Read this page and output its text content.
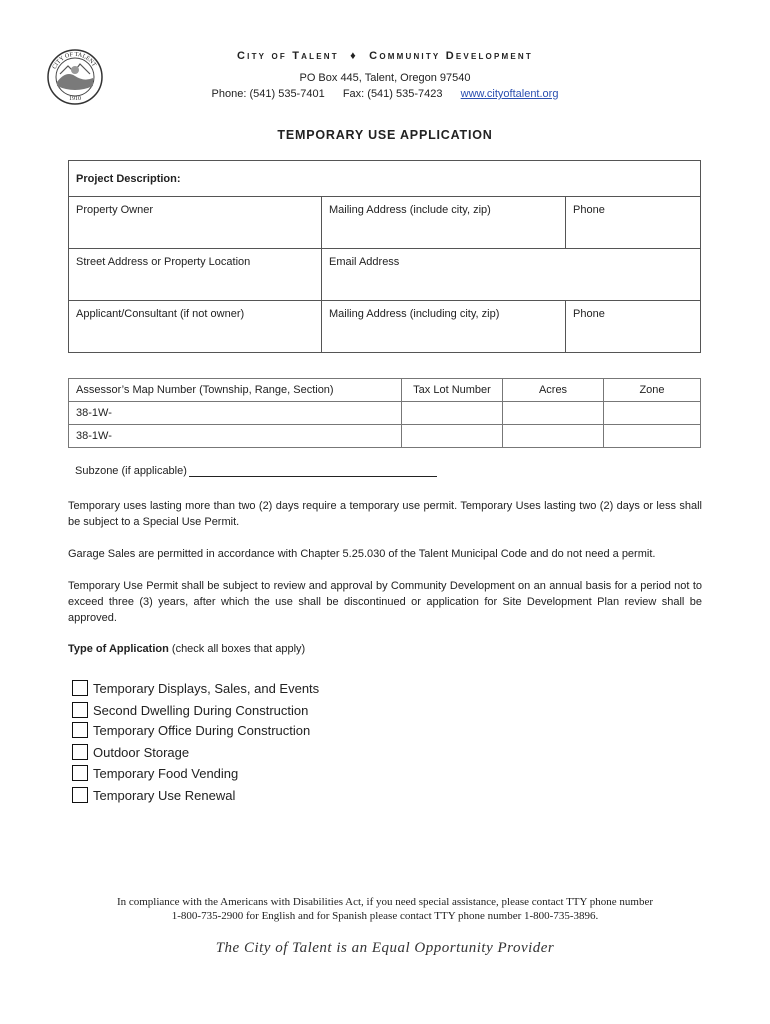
CITY OF TALENT
1910
City of Talent ♦ Community Development
PO Box 445, Talent, Oregon 97540
Phone: (541) 535-7401 Fax: (541) 535-7423 www.cityoftalent.org
TEMPORARY USE APPLICATION
Project Description:		
Property Owner	Mailing Address (include city, zip)	Phone
Street Address or Property Location	Email Address	
Applicant/Consultant (if not owner)	Mailing Address (including city, zip)	Phone
Assessor’s Map Number (Township, Range, Section)	Tax Lot Number	Acres	Zone
38-1W-			
38-1W-			
Subzone (if applicable)
Temporary uses lasting more than two (2) days require a temporary use permit. Temporary Uses lasting two (2) days or less shall be subject to a Special Use Permit.
Garage Sales are permitted in accordance with Chapter 5.25.030 of the Talent Municipal Code and do not need a permit.
Temporary Use Permit shall be subject to review and approval by Community Development on an annual basis for a period not to exceed three (3) years, after which the use shall be discontinued or application for Site Development Plan review shall be approved.
Type of Application (check all boxes that apply)
Temporary Displays, Sales, and Events
Second Dwelling During Construction
Temporary Office During Construction
Outdoor Storage
Temporary Food Vending
Temporary Use Renewal
In compliance with the Americans with Disabilities Act, if you need special assistance, please contact TTY phone number
1-800-735-2900 for English and for Spanish please contact TTY phone number 1-800-735-3896.
The City of Talent is an Equal Opportunity Provider
